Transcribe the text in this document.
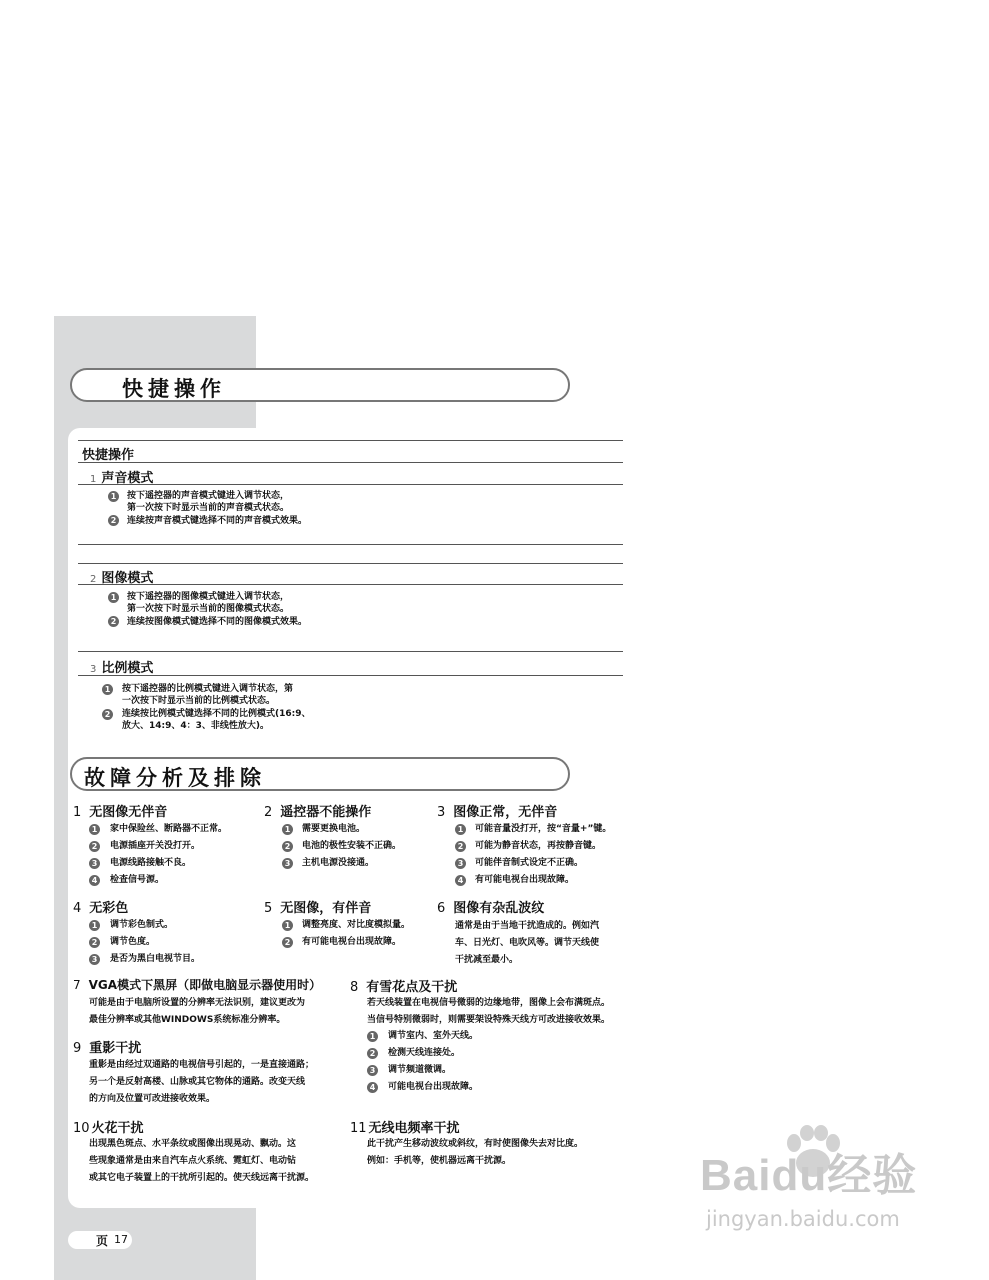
快捷操作
快捷操作
1 声音模式
1	按下遥控器的声音模式键进入调节状态，
第一次按下时显示当前的声音模式状态。
2	连续按声音模式键选择不同的声音模式效果。
2 图像模式
1	按下遥控器的图像模式键进入调节状态，
第一次按下时显示当前的图像模式状态。
2	连续按图像模式键选择不同的图像模式效果。
3 比例模式
1	按下遥控器的比例模式键进入调节状态，第
一次按下时显示当前的比例模式状态。
2	连续按比例模式键选择不同的比例模式(16:9、
放大、14:9、4：3、非线性放大)。
故障分析及排除
1 无图像无伴音
1	家中保险丝、断路器不正常。
2	电源插座开关没打开。
3	电源线路接触不良。
4	检查信号源。
2 遥控器不能操作
1	需要更换电池。
2	电池的极性安装不正确。
3	主机电源没接通。
3 图像正常，无伴音
1	可能音量没打开，按“音量+”键。
2	可能为静音状态，再按静音键。
3	可能伴音制式设定不正确。
4	有可能电视台出现故障。
4 无彩色
1	调节彩色制式。
2	调节色度。
3	是否为黑白电视节目。
5 无图像，有伴音
1	调整亮度、对比度模拟量。
2	有可能电视台出现故障。
6 图像有杂乱波纹
通常是由于当地干扰造成的。例如汽
车、日光灯、电吹风等。调节天线使
干扰减至最小。
7 VGA模式下黑屏（即做电脑显示器使用时）
可能是由于电脑所设置的分辨率无法识别，建议更改为
最佳分辨率或其他WINDOWS系统标准分辨率。
8 有雪花点及干扰
若天线装置在电视信号微弱的边缘地带，图像上会布满斑点。
当信号特别微弱时，则需要架设特殊天线方可改进接收效果。
1	调节室内、室外天线。
2	检测天线连接处。
3	调节频道微调。
4	可能电视台出现故障。
9 重影干扰
重影是由经过双通路的电视信号引起的，一是直接通路；
另一个是反射高楼、山脉或其它物体的通路。改变天线
的方向及位置可改进接收效果。
10 火花干扰
出现黑色斑点、水平条纹或图像出现晃动、飘动。这
些现象通常是由来自汽车点火系统、霓虹灯、电动钻
或其它电子装置上的干扰所引起的。使天线远离干扰源。
11 无线电频率干扰
此干扰产生移动波纹或斜纹，有时使图像失去对比度。
例如：手机等，使机器远离干扰源。
页 17
Baidu经验
jingyan.baidu.com
